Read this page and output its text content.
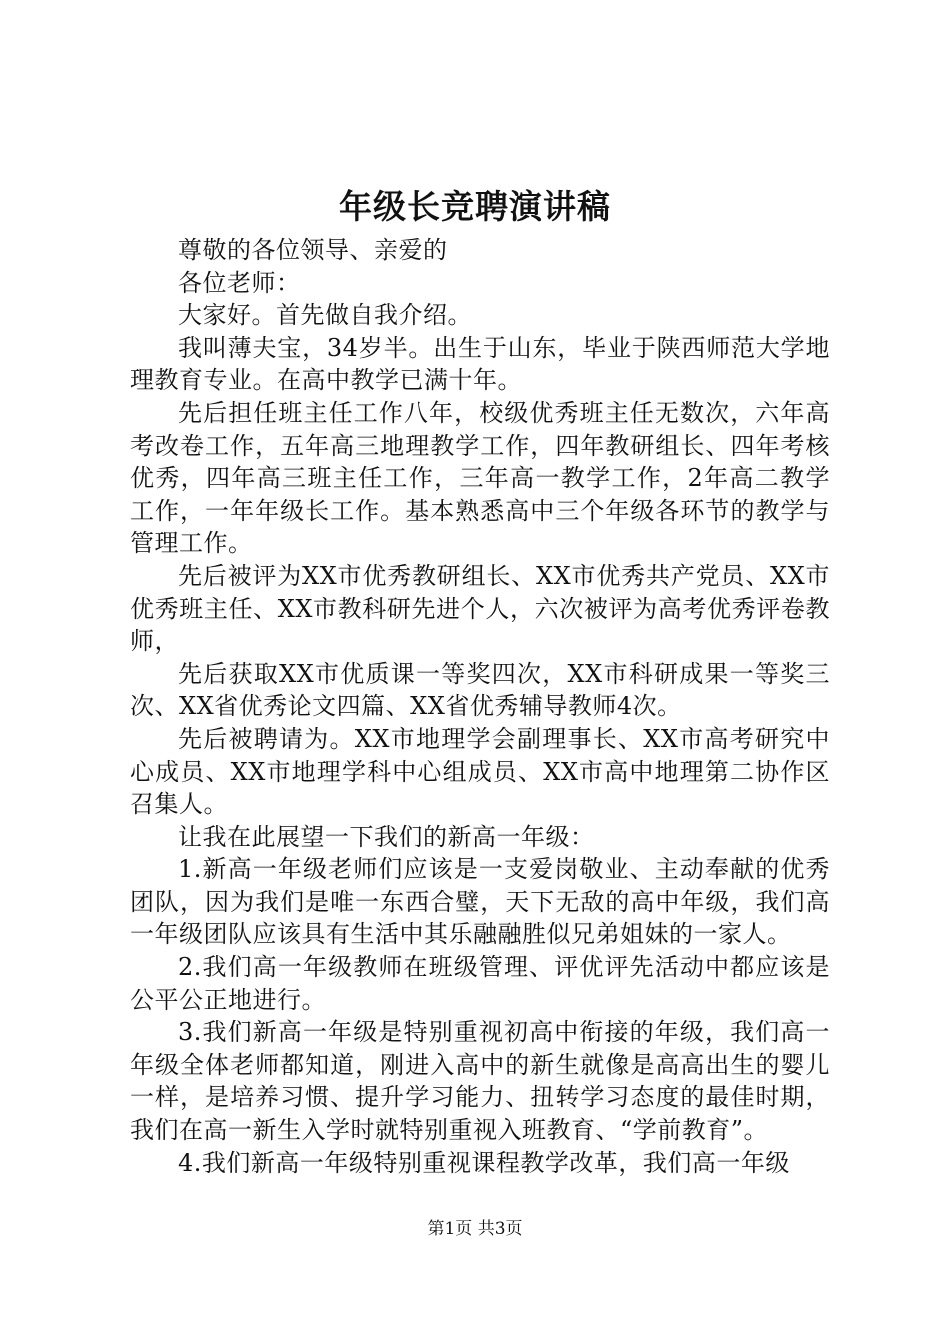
年级长竞聘演讲稿

尊敬的各位领导、亲爱的

各位老师：

大家好。首先做自我介绍。

我叫薄夫宝，34岁半。出生于山东，毕业于陕西师范大学地理教育专业。在高中教学已满十年。

先后担任班主任工作八年，校级优秀班主任无数次，六年高考改卷工作，五年高三地理教学工作，四年教研组长、四年考核优秀，四年高三班主任工作，三年高一教学工作，2年高二教学工作，一年年级长工作。基本熟悉高中三个年级各环节的教学与管理工作。

先后被评为XX市优秀教研组长、XX市优秀共产党员、XX市优秀班主任、XX市教科研先进个人，六次被评为高考优秀评卷教师，

先后获取XX市优质课一等奖四次，XX市科研成果一等奖三次、XX省优秀论文四篇、XX省优秀辅导教师4次。

先后被聘请为。XX市地理学会副理事长、XX市高考研究中心成员、XX市地理学科中心组成员、XX市高中地理第二协作区召集人。

让我在此展望一下我们的新高一年级：

1.新高一年级老师们应该是一支爱岗敬业、主动奉献的优秀团队，因为我们是唯一东西合璧，天下无敌的高中年级，我们高一年级团队应该具有生活中其乐融融胜似兄弟姐妹的一家人。

2.我们高一年级教师在班级管理、评优评先活动中都应该是公平公正地进行。

3.我们新高一年级是特别重视初高中衔接的年级，我们高一年级全体老师都知道，刚进入高中的新生就像是高高出生的婴儿一样，是培养习惯、提升学习能力、扭转学习态度的最佳时期，我们在高一新生入学时就特别重视入班教育、“学前教育”。

4.我们新高一年级特别重视课程教学改革，我们高一年级

第1页 共3页
